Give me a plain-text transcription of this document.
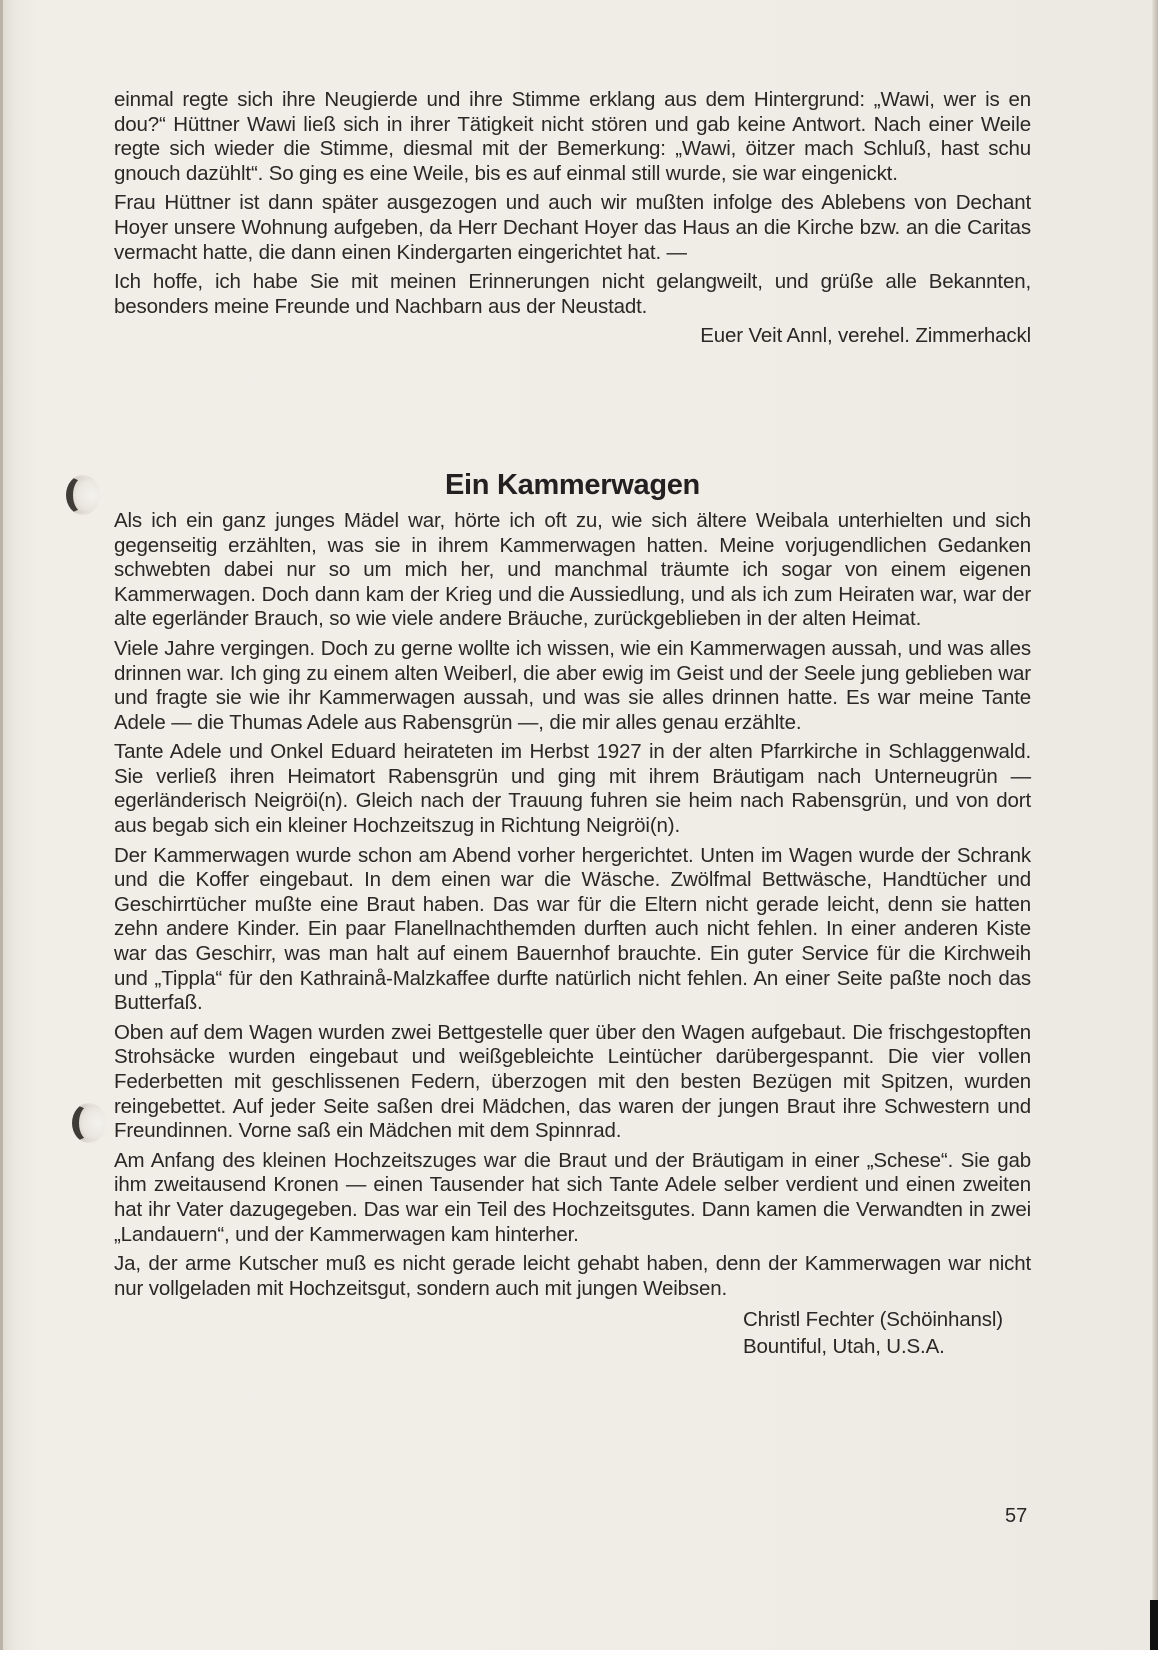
einmal regte sich ihre Neugierde und ihre Stimme erklang aus dem Hintergrund: „Wawi, wer is en dou?“ Hüttner Wawi ließ sich in ihrer Tätigkeit nicht stören und gab keine Antwort. Nach einer Weile regte sich wieder die Stimme, diesmal mit der Bemerkung: „Wawi, öitzer mach Schluß, hast schu gnouch dazühlt“. So ging es eine Weile, bis es auf einmal still wurde, sie war eingenickt.

Frau Hüttner ist dann später ausgezogen und auch wir mußten infolge des Ablebens von Dechant Hoyer unsere Wohnung aufgeben, da Herr Dechant Hoyer das Haus an die Kirche bzw. an die Caritas vermacht hatte, die dann einen Kindergarten eingerichtet hat. —

Ich hoffe, ich habe Sie mit meinen Erinnerungen nicht gelangweilt, und grüße alle Bekannten, besonders meine Freunde und Nachbarn aus der Neustadt.

Euer Veit Annl, verehel. Zimmerhackl

Ein Kammerwagen

Als ich ein ganz junges Mädel war, hörte ich oft zu, wie sich ältere Weibala unterhielten und sich gegenseitig erzählten, was sie in ihrem Kammerwagen hatten. Meine vorjugendlichen Gedanken schwebten dabei nur so um mich her, und manchmal träumte ich sogar von einem eigenen Kammerwagen. Doch dann kam der Krieg und die Aussiedlung, und als ich zum Heiraten war, war der alte egerländer Brauch, so wie viele andere Bräuche, zurückgeblieben in der alten Heimat.

Viele Jahre vergingen. Doch zu gerne wollte ich wissen, wie ein Kammerwagen aussah, und was alles drinnen war. Ich ging zu einem alten Weiberl, die aber ewig im Geist und der Seele jung geblieben war und fragte sie wie ihr Kammerwagen aussah, und was sie alles drinnen hatte. Es war meine Tante Adele — die Thumas Adele aus Rabensgrün —, die mir alles genau erzählte.

Tante Adele und Onkel Eduard heirateten im Herbst 1927 in der alten Pfarrkirche in Schlaggenwald. Sie verließ ihren Heimatort Rabensgrün und ging mit ihrem Bräutigam nach Unterneugrün — egerländerisch Neigröi(n). Gleich nach der Trauung fuhren sie heim nach Rabensgrün, und von dort aus begab sich ein kleiner Hochzeitszug in Richtung Neigröi(n).

Der Kammerwagen wurde schon am Abend vorher hergerichtet. Unten im Wagen wurde der Schrank und die Koffer eingebaut. In dem einen war die Wäsche. Zwölfmal Bettwäsche, Handtücher und Geschirrtücher mußte eine Braut haben. Das war für die Eltern nicht gerade leicht, denn sie hatten zehn andere Kinder. Ein paar Flanellnachthemden durften auch nicht fehlen. In einer anderen Kiste war das Geschirr, was man halt auf einem Bauernhof brauchte. Ein guter Service für die Kirchweih und „Tippla“ für den Kathrainå-Malzkaffee durfte natürlich nicht fehlen. An einer Seite paßte noch das Butterfaß.

Oben auf dem Wagen wurden zwei Bettgestelle quer über den Wagen aufgebaut. Die frischgestopften Strohsäcke wurden eingebaut und weißgebleichte Leintücher darübergespannt. Die vier vollen Federbetten mit geschlissenen Federn, überzogen mit den besten Bezügen mit Spitzen, wurden reingebettet. Auf jeder Seite saßen drei Mädchen, das waren der jungen Braut ihre Schwestern und Freundinnen. Vorne saß ein Mädchen mit dem Spinnrad.

Am Anfang des kleinen Hochzeitszuges war die Braut und der Bräutigam in einer „Schese“. Sie gab ihm zweitausend Kronen — einen Tausender hat sich Tante Adele selber verdient und einen zweiten hat ihr Vater dazugegeben. Das war ein Teil des Hochzeitsgutes. Dann kamen die Verwandten in zwei „Landauern“, und der Kammerwagen kam hinterher.

Ja, der arme Kutscher muß es nicht gerade leicht gehabt haben, denn der Kammerwagen war nicht nur vollgeladen mit Hochzeitsgut, sondern auch mit jungen Weibsen.

Christl Fechter (Schöinhansl)
Bountiful, Utah, U.S.A.
57
